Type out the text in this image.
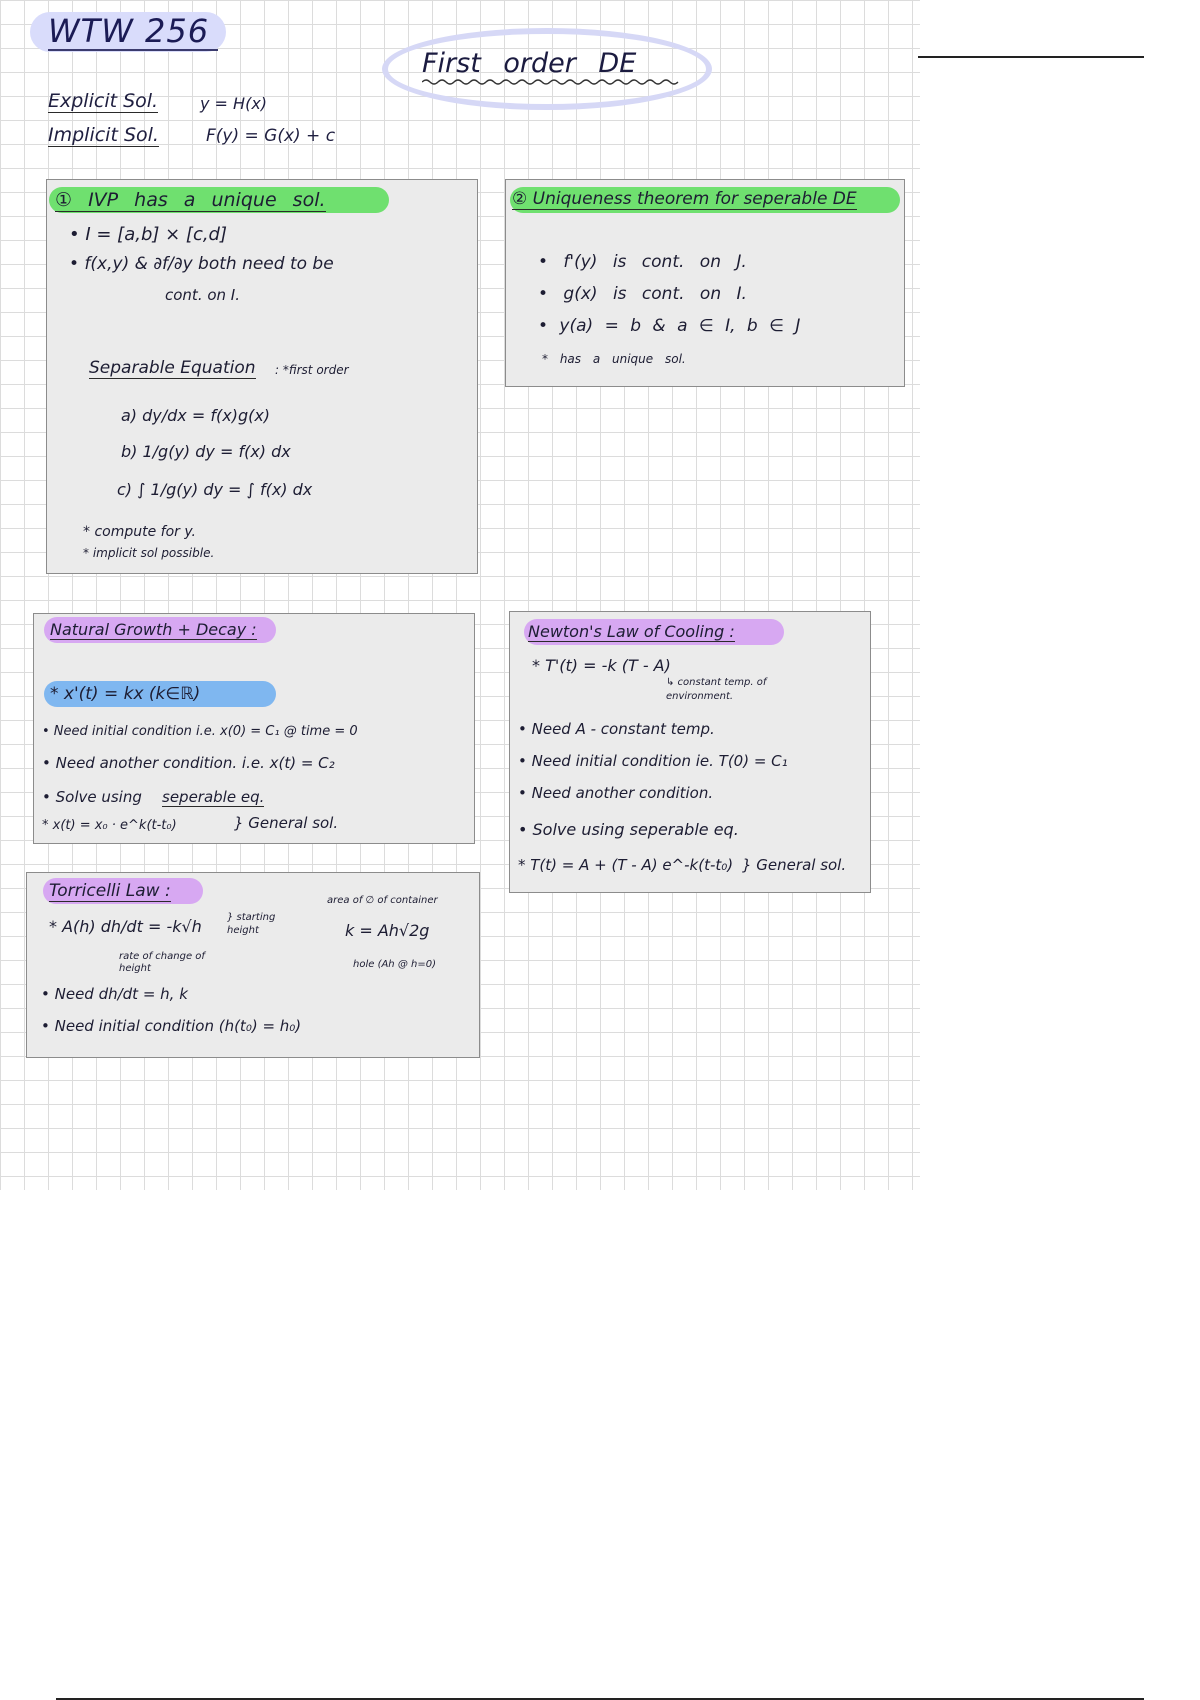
WTW 256
First order DE
Explicit Sol.	y = H(x)
Implicit Sol.	F(y) = G(x) + c
① IVP has a unique sol.
• I = [a,b] × [c,d]
• f(x,y) & ∂f/∂y both need to be
cont. on I.
Separable Equation : *first order
a) dy/dx = f(x)g(x)
b) 1/g(y) dy = f(x) dx
c) ∫ 1/g(y) dy = ∫ f(x) dx
* compute for y.
* implicit sol possible.
② Uniqueness theorem for seperable DE
• f'(y) is cont. on J.
• g(x) is cont. on I.
• y(a) = b & a ∈ I, b ∈ J
* has a unique sol.
Natural Growth + Decay :
* x'(t) = kx (k∈ℝ)
• Need initial condition i.e. x(0) = C₁ @ time = 0
• Need another condition. i.e. x(t) = C₂
• Solve using seperable eq.
* x(t) = x₀ · e^k(t-t₀)	} General sol.
Newton's Law of Cooling :
* T'(t) = -k (T - A)
↳ constant temp. of environment.
• Need A - constant temp.
• Need initial condition ie. T(0) = C₁
• Need another condition.
• Solve using seperable eq.
* T(t) = A + (T - A) e^-k(t-t₀) } General sol.
Torricelli Law :
* A(h) dh/dt = -k√h	} starting height
rate of change of height
area of ∅ of container
k = Ah√2g
hole (Ah @ h=0)
• Need dh/dt = h, k
• Need initial condition (h(t₀) = h₀)
